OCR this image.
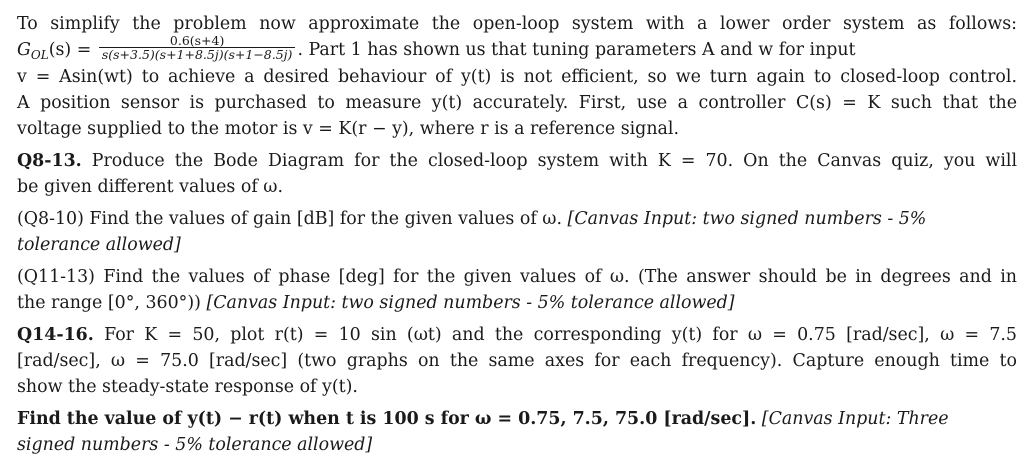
To simplify the problem now approximate the open-loop system with a lower order system as follows:
$G_{OL}(s) = \frac{0.6(s+4)}{s(s+3.5)(s+1+8.5j)(s+1-8.5j)}$ . Part 1 has shown us that tuning parameters A and w for input
v = Asin(wt) to achieve a desired behaviour of y(t) is not efficient, so we turn again to closed-loop control.
A position sensor is purchased to measure y(t) accurately. First, use a controller C(s) = K such that the
voltage supplied to the motor is v = K(r − y), where r is a reference signal.

Q8-13. Produce the Bode Diagram for the closed-loop system with K = 70. On the Canvas quiz, you will
be given different values of ω.

(Q8-10) Find the values of gain [dB] for the given values of ω. [Canvas Input: two signed numbers - 5%
tolerance allowed]

(Q11-13) Find the values of phase [deg] for the given values of ω. (The answer should be in degrees and in
the range [0°, 360°)) [Canvas Input: two signed numbers - 5% tolerance allowed]

Q14-16. For K = 50, plot r(t) = 10 sin (ωt) and the corresponding y(t) for ω = 0.75 [rad/sec], ω = 7.5
[rad/sec], ω = 75.0 [rad/sec] (two graphs on the same axes for each frequency). Capture enough time to
show the steady-state response of y(t).

Find the value of y(t) − r(t) when t is 100 s for ω = 0.75, 7.5, 75.0 [rad/sec]. [Canvas Input: Three
signed numbers - 5% tolerance allowed]
